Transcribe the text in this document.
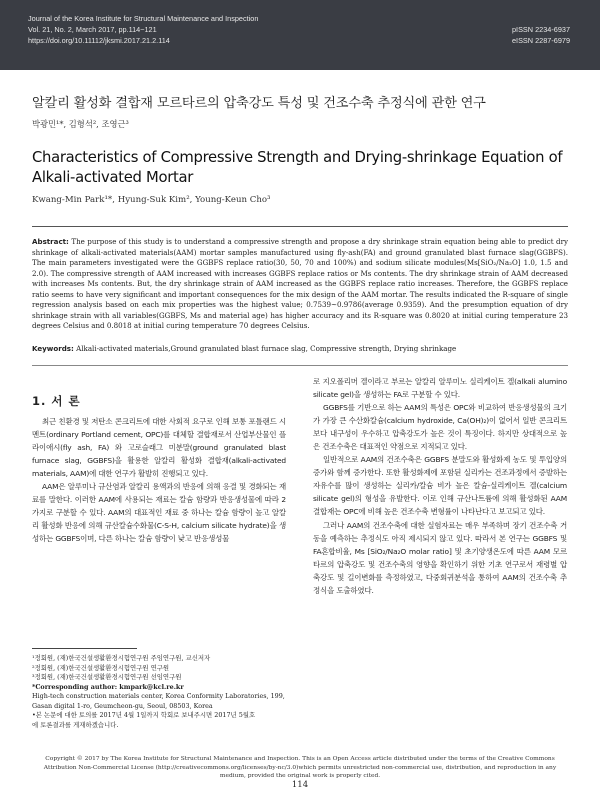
Journal of the Korea Institute for Structural Maintenance and Inspection
Vol. 21, No. 2, March 2017, pp.114~121
https://doi.org/10.11112/jksmi.2017.21.2.114
pISSN 2234-6937
eISSN 2287-6979
알칼리 활성화 결합재 모르타르의 압축강도 특성 및 건조수축 추정식에 관한 연구
박광민¹*, 김형석², 조영근³
Characteristics of Compressive Strength and Drying-shrinkage Equation of
Alkali-activated Mortar
Kwang-Min Park¹*, Hyung-Suk Kim², Young-Keun Cho³
Abstract: The purpose of this study is to understand a compressive strength and propose a dry shrinkage strain equation being able to predict dry shrinkage of alkali-activated materials(AAM) mortar samples manufactured using fly-ash(FA) and ground granulated blast furnace slag(GGBFS). The main parameters investigated were the GGBFS replace ratio(30, 50, 70 and 100%) and sodium silicate modules(Ms[SiO₂/Na₂O] 1.0, 1.5 and 2.0). The compressive strength of AAM increased with increases GGBFS replace ratios or Ms contents. The dry shrinkage strain of AAM decreased with increases Ms contents. But, the dry shrinkage strain of AAM increased as the GGBFS replace ratio increases. Therefore, the GGBFS replace ratio seems to have very significant and important consequences for the mix design of the AAM mortar. The results indicated the R-square of single regression analysis based on each mix properties was the highest value; 0.7539~0.9786(average 0.9359). And the presumption equation of dry shrinkage strain with all variables(GGBFS, Ms and material age) has higher accuracy and its R-square was 0.8020 at initial curing temperature 23 degrees Celsius and 0.8018 at initial curing temperature 70 degrees Celsius.
Keywords: Alkali-activated materials,Ground granulated blast furnace slag, Compressive strength, Drying shrinkage
1. 서 론

최근 친환경 및 저탄소 콘크리트에 대한 사회적 요구로 인해 보통 포틀랜드 시멘트(ordinary Portland cement, OPC)를 대체할 결합재로서 산업부산물인 플라이애시(fly ash, FA) 와 고로슬래그 미분말(ground granulated blast furnace slag, GGBFS)을 활용한 알칼리 활성화 결합재(alkali-activated materials, AAM)에 대한 연구가 활발히 진행되고 있다.

AAM은 알루미나 규산염과 알칼리 용액과의 반응에 의해 응결 및 경화되는 재료를 말한다. 이러한 AAM에 사용되는 재료는 칼슘 함량과 반응생성물에 따라 2가지로 구분할 수 있다. AAM의 대표적인 재료 중 하나는 칼슘 함량이 높고 알칼리 활성화 반응에 의해 규산칼슘수화물(C-S-H, calcium silicate hydrate)을 생성하는 GGBFS이며, 다른 하나는 칼슘 함량이 낮고 반응생성물

¹정회원, (재)한국건설생활환경시험연구원 주임연구원, 교신저자
²정회원, (재)한국건설생활환경시험연구원 연구원
³정회원, (재)한국건설생활환경시험연구원 선임연구원
*Corresponding author: kmpark@kcl.re.kr
High-tech construction materials center, Korea Conformity Laboratories, 199,
Gasan digital 1-ro, Geumcheon-gu, Seoul, 08503, Korea
•본 논문에 대한 토의를 2017년 4월 1일까지 학회로 보내주시면 2017년 5월호
에 토론결과를 게재하겠습니다.

로 지오폴리머 겔이라고 부르는 알칼리 알루미노 실리케이트 겔(alkali alumino silicate gel)을 생성하는 FA로 구분할 수 있다.

GGBFS를 기반으로 하는 AAM의 특성은 OPC와 비교하여 반응생성물의 크기가 가장 큰 수산화칼슘(calcium hydroxide, Ca(OH)₂)이 없어서 일반 콘크리트보다 내구성이 우수하고 압축강도가 높은 것이 특징이다. 하지만 상대적으로 높은 건조수축은 대표적인 약점으로 지적되고 있다.

일반적으로 AAM의 건조수축은 GGBFS 분말도와 활성화제 농도 및 투입양의 증가와 함께 증가한다. 또한 활성화제에 포함된 실리카는 건조과정에서 증발하는 자유수를 많이 생성하는 실리카/칼슘 비가 높은 칼슘-실리케이트 겔(calcium silicate gel)의 형성을 유발한다. 이로 인해 규산나트륨에 의해 활성화된 AAM 결합재는 OPC에 비해 높은 건조수축 변형률이 나타난다고 보고되고 있다.

그러나 AAM의 건조수축에 대한 실험자료는 매우 부족하며 장기 건조수축 거동을 예측하는 추정식도 아직 제시되지 않고 있다. 따라서 본 연구는 GGBFS 및 FA혼합비율, Ms [SiO₂/Na₂O molar ratio] 및 초기양생온도에 따른 AAM 모르타르의 압축강도 및 건조수축의 영향을 확인하기 위한 기초 연구로서 재령별 압축강도 및 길이변화를 측정하였고, 다중회귀분석을 통하여 AAM의 건조수축 추정식을 도출하였다.

Copyright © 2017 by The Korea Institute for Structural Maintenance and Inspection. This is an Open Access article distributed under the terms of the Creative Commons Attribution Non-Commercial License (http://creativecommons.org/licenses/by-nc/3.0)which permits unrestricted non-commercial use, distribution, and reproduction in any medium, provided the original work is properly cited.
114
